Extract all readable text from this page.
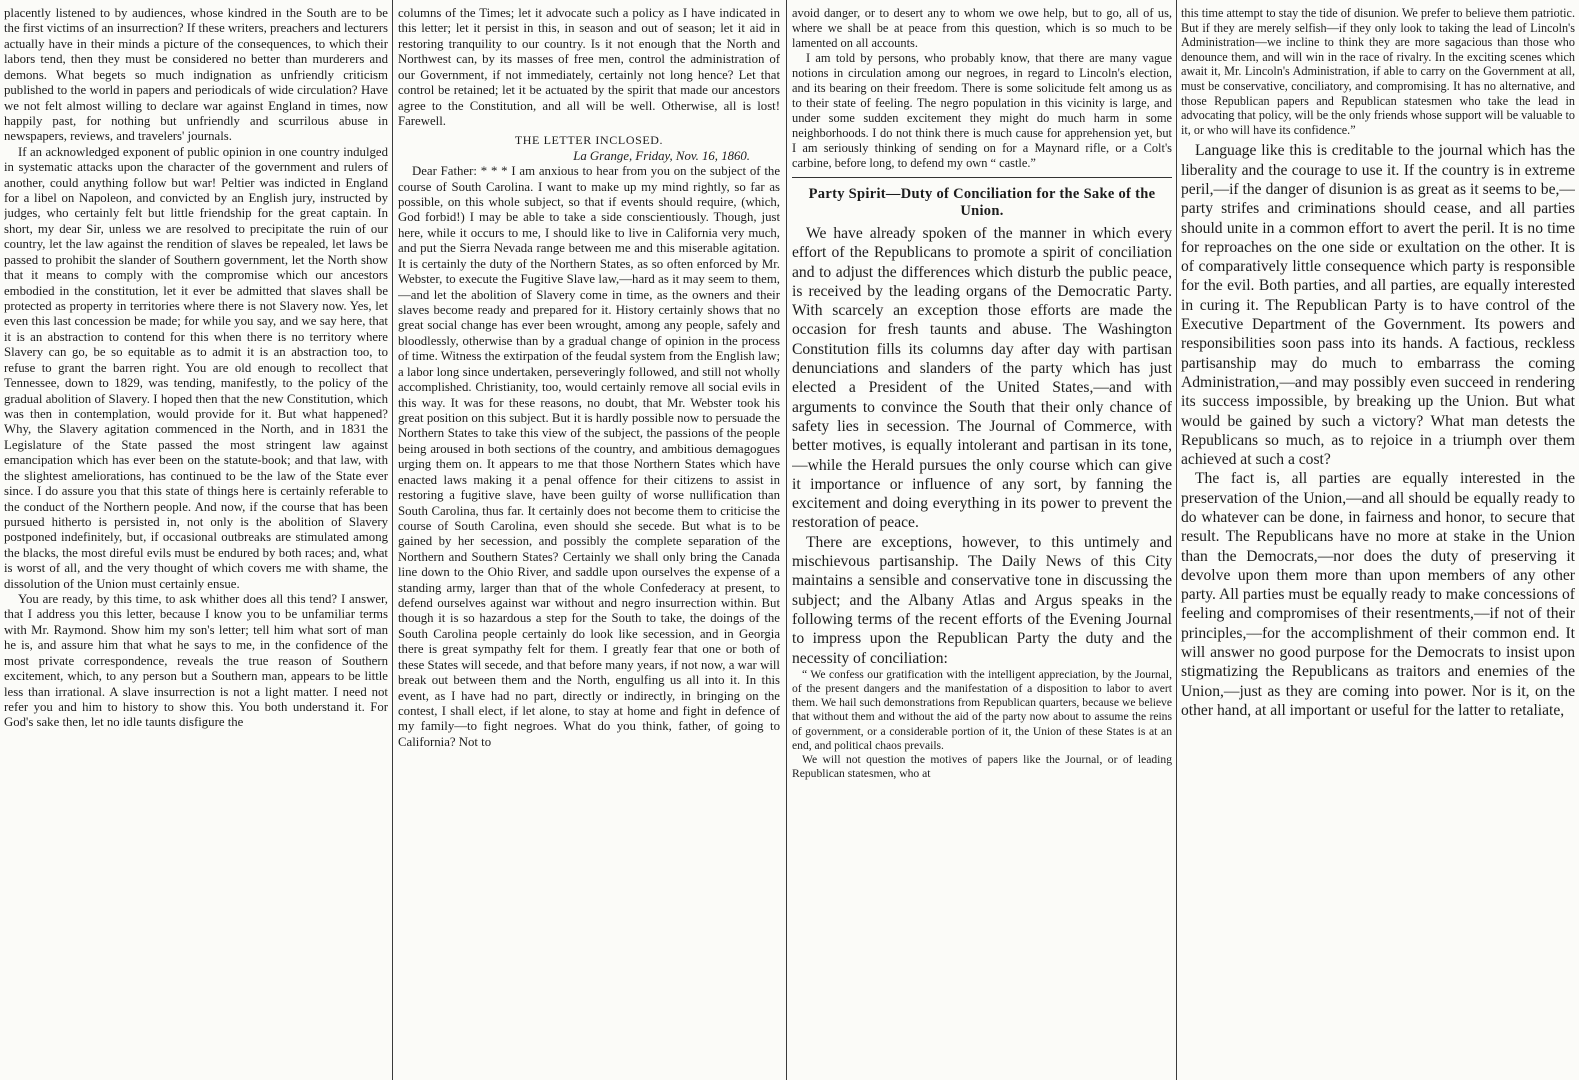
placently listened to by audiences, whose kindred in the South are to be the first victims of an insurrection? If these writers, preachers and lecturers actually have in their minds a picture of the consequences, to which their labors tend, then they must be considered no better than murderers and demons. What begets so much indignation as unfriendly criticism published to the world in papers and periodicals of wide circulation? Have we not felt almost willing to declare war against England in times, now happily past, for nothing but unfriendly and scurrilous abuse in newspapers, reviews, and travelers' journals.

If an acknowledged exponent of public opinion in one country indulged in systematic attacks upon the character of the government and rulers of another, could anything follow but war! Peltier was indicted in England for a libel on Napoleon, and convicted by an English jury, instructed by judges, who certainly felt but little friendship for the great captain. In short, my dear Sir, unless we are resolved to precipitate the ruin of our country, let the law against the rendition of slaves be repealed, let laws be passed to prohibit the slander of Southern government, let the North show that it means to comply with the compromise which our ancestors embodied in the constitution, let it ever be admitted that slaves shall be protected as property in territories where there is not Slavery now. Yes, let even this last concession be made; for while you say, and we say here, that it is an abstraction to contend for this when there is no territory where Slavery can go, be so equitable as to admit it is an abstraction too, to refuse to grant the barren right. You are old enough to recollect that Tennessee, down to 1829, was tending, manifestly, to the policy of the gradual abolition of Slavery. I hoped then that the new Constitution, which was then in contemplation, would provide for it. But what happened? Why, the Slavery agitation commenced in the North, and in 1831 the Legislature of the State passed the most stringent law against emancipation which has ever been on the statute-book; and that law, with the slightest ameliorations, has continued to be the law of the State ever since. I do assure you that this state of things here is certainly referable to the conduct of the Northern people. And now, if the course that has been pursued hitherto is persisted in, not only is the abolition of Slavery postponed indefinitely, but, if occasional outbreaks are stimulated among the blacks, the most direful evils must be endured by both races; and, what is worst of all, and the very thought of which covers me with shame, the dissolution of the Union must certainly ensue.

You are ready, by this time, to ask whither does all this tend? I answer, that I address you this letter, because I know you to be unfamiliar terms with Mr. Raymond. Show him my son's letter; tell him what sort of man he is, and assure him that what he says to me, in the confidence of the most private correspondence, reveals the true reason of Southern excitement, which, to any person but a Southern man, appears to be little less than irrational. A slave insurrection is not a light matter. I need not refer you and him to history to show this. You both understand it. For God's sake then, let no idle taunts disfigure the

columns of the Times; let it advocate such a policy as I have indicated in this letter; let it persist in this, in season and out of season; let it aid in restoring tranquility to our country. Is it not enough that the North and Northwest can, by its masses of free men, control the administration of our Government, if not immediately, certainly not long hence? Let that control be retained; let it be actuated by the spirit that made our ancestors agree to the Constitution, and all will be well. Otherwise, all is lost! Farewell.

THE LETTER INCLOSED.

La Grange, Friday, Nov. 16, 1860.

Dear Father: * * * I am anxious to hear from you on the subject of the course of South Carolina. I want to make up my mind rightly, so far as possible, on this whole subject, so that if events should require, (which, God forbid!) I may be able to take a side conscientiously. Though, just here, while it occurs to me, I should like to live in California very much, and put the Sierra Nevada range between me and this miserable agitation. It is certainly the duty of the Northern States, as so often enforced by Mr. Webster, to execute the Fugitive Slave law,—hard as it may seem to them,—and let the abolition of Slavery come in time, as the owners and their slaves become ready and prepared for it. History certainly shows that no great social change has ever been wrought, among any people, safely and bloodlessly, otherwise than by a gradual change of opinion in the process of time. Witness the extirpation of the feudal system from the English law; a labor long since undertaken, perseveringly followed, and still not wholly accomplished. Christianity, too, would certainly remove all social evils in this way. It was for these reasons, no doubt, that Mr. Webster took his great position on this subject. But it is hardly possible now to persuade the Northern States to take this view of the subject, the passions of the people being aroused in both sections of the country, and ambitious demagogues urging them on. It appears to me that those Northern States which have enacted laws making it a penal offence for their citizens to assist in restoring a fugitive slave, have been guilty of worse nullification than South Carolina, thus far. It certainly does not become them to criticise the course of South Carolina, even should she secede. But what is to be gained by her secession, and possibly the complete separation of the Northern and Southern States? Certainly we shall only bring the Canada line down to the Ohio River, and saddle upon ourselves the expense of a standing army, larger than that of the whole Confederacy at present, to defend ourselves against war without and negro insurrection within. But though it is so hazardous a step for the South to take, the doings of the South Carolina people certainly do look like secession, and in Georgia there is great sympathy felt for them. I greatly fear that one or both of these States will secede, and that before many years, if not now, a war will break out between them and the North, engulfing us all into it. In this event, as I have had no part, directly or indirectly, in bringing on the contest, I shall elect, if let alone, to stay at home and fight in defence of my family—to fight negroes. What do you think, father, of going to California? Not to

avoid danger, or to desert any to whom we owe help, but to go, all of us, where we shall be at peace from this question, which is so much to be lamented on all accounts.

I am told by persons, who probably know, that there are many vague notions in circulation among our negroes, in regard to Lincoln's election, and its bearing on their freedom. There is some solicitude felt among us as to their state of feeling. The negro population in this vicinity is large, and under some sudden excitement they might do much harm in some neighborhoods. I do not think there is much cause for apprehension yet, but I am seriously thinking of sending on for a Maynard rifle, or a Colt's carbine, before long, to defend my own “ castle.”

Party Spirit—Duty of Conciliation for the Sake of the Union.

We have already spoken of the manner in which every effort of the Republicans to promote a spirit of conciliation and to adjust the differences which disturb the public peace, is received by the leading organs of the Democratic Party. With scarcely an exception those efforts are made the occasion for fresh taunts and abuse. The Washington Constitution fills its columns day after day with partisan denunciations and slanders of the party which has just elected a President of the United States,—and with arguments to convince the South that their only chance of safety lies in secession. The Journal of Commerce, with better motives, is equally intolerant and partisan in its tone,—while the Herald pursues the only course which can give it importance or influence of any sort, by fanning the excitement and doing everything in its power to prevent the restoration of peace.

There are exceptions, however, to this untimely and mischievous partisanship. The Daily News of this City maintains a sensible and conservative tone in discussing the subject; and the Albany Atlas and Argus speaks in the following terms of the recent efforts of the Evening Journal to impress upon the Republican Party the duty and the necessity of conciliation:

“ We confess our gratification with the intelligent appreciation, by the Journal, of the present dangers and the manifestation of a disposition to labor to avert them. We hail such demonstrations from Republican quarters, because we believe that without them and without the aid of the party now about to assume the reins of government, or a considerable portion of it, the Union of these States is at an end, and political chaos prevails.

We will not question the motives of papers like the Journal, or of leading Republican statesmen, who at

this time attempt to stay the tide of disunion. We prefer to believe them patriotic. But if they are merely selfish—if they only look to taking the lead of Lincoln's Administration—we incline to think they are more sagacious than those who denounce them, and will win in the race of rivalry. In the exciting scenes which await it, Mr. Lincoln's Administration, if able to carry on the Government at all, must be conservative, conciliatory, and compromising. It has no alternative, and those Republican papers and Republican statesmen who take the lead in advocating that policy, will be the only friends whose support will be valuable to it, or who will have its confidence.”

Language like this is creditable to the journal which has the liberality and the courage to use it. If the country is in extreme peril,—if the danger of disunion is as great as it seems to be,—party strifes and criminations should cease, and all parties should unite in a common effort to avert the peril. It is no time for reproaches on the one side or exultation on the other. It is of comparatively little consequence which party is responsible for the evil. Both parties, and all parties, are equally interested in curing it. The Republican Party is to have control of the Executive Department of the Government. Its powers and responsibilities soon pass into its hands. A factious, reckless partisanship may do much to embarrass the coming Administration,—and may possibly even succeed in rendering its success impossible, by breaking up the Union. But what would be gained by such a victory? What man detests the Republicans so much, as to rejoice in a triumph over them achieved at such a cost?

The fact is, all parties are equally interested in the preservation of the Union,—and all should be equally ready to do whatever can be done, in fairness and honor, to secure that result. The Republicans have no more at stake in the Union than the Democrats,—nor does the duty of preserving it devolve upon them more than upon members of any other party. All parties must be equally ready to make concessions of feeling and compromises of their resentments,—if not of their principles,—for the accomplishment of their common end. It will answer no good purpose for the Democrats to insist upon stigmatizing the Republicans as traitors and enemies of the Union,—just as they are coming into power. Nor is it, on the other hand, at all important or useful for the latter to retaliate,
